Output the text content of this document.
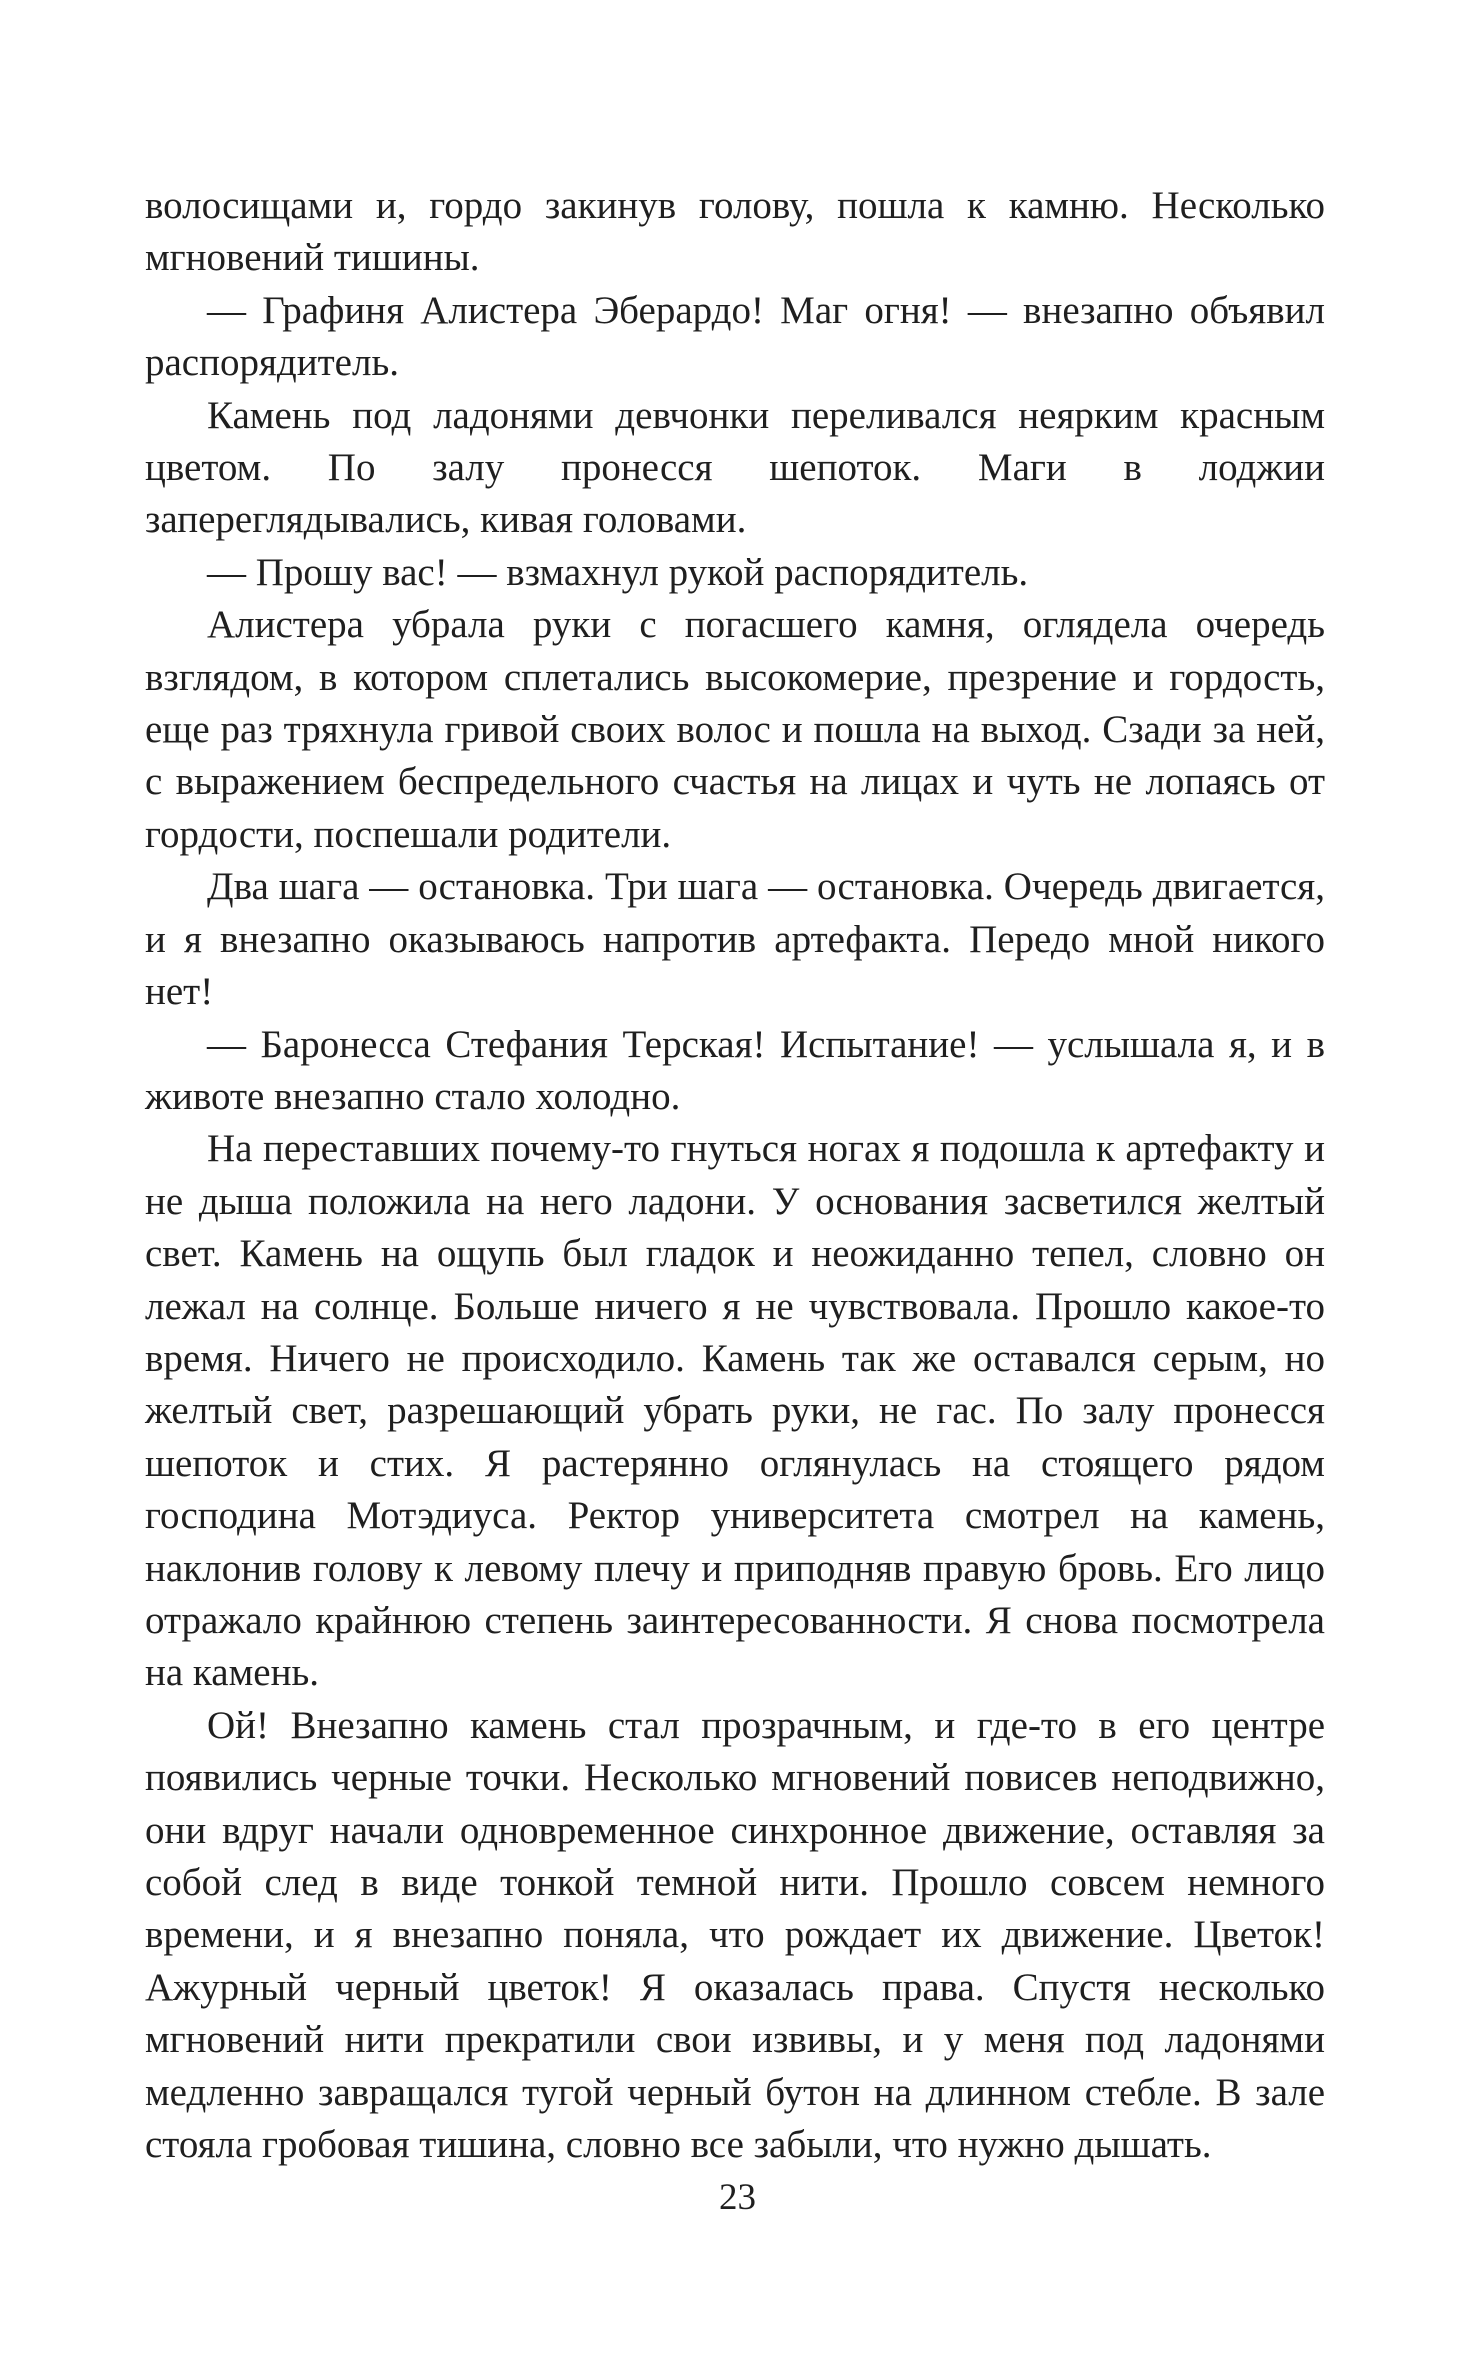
волосищами и, гордо закинув голову, пошла к камню. Несколько мгновений тишины.

— Графиня Алистера Эберардо! Маг огня! — внезапно объявил распорядитель.

Камень под ладонями девчонки переливался неярким красным цветом. По залу пронесся шепоток. Маги в лоджии запереглядывались, кивая головами.

— Прошу вас! — взмахнул рукой распорядитель.

Алистера убрала руки с погасшего камня, оглядела очередь взглядом, в котором сплетались высокомерие, презрение и гордость, еще раз тряхнула гривой своих волос и пошла на выход. Сзади за ней, с выражением беспредельного счастья на лицах и чуть не лопаясь от гордости, поспешали родители.

Два шага — остановка. Три шага — остановка. Очередь двигается, и я внезапно оказываюсь напротив артефакта. Передо мной никого нет!

— Баронесса Стефания Терская! Испытание! — услышала я, и в животе внезапно стало холодно.

На переставших почему-то гнуться ногах я подошла к артефакту и не дыша положила на него ладони. У основания засветился желтый свет. Камень на ощупь был гладок и неожиданно тепел, словно он лежал на солнце. Больше ничего я не чувствовала. Прошло какое-то время. Ничего не происходило. Камень так же оставался серым, но желтый свет, разрешающий убрать руки, не гас. По залу пронесся шепоток и стих. Я растерянно оглянулась на стоящего рядом господина Мотэдиуса. Ректор университета смотрел на камень, наклонив голову к левому плечу и приподняв правую бровь. Его лицо отражало крайнюю степень заинтересованности. Я снова посмотрела на камень.

Ой! Внезапно камень стал прозрачным, и где-то в его центре появились черные точки. Несколько мгновений повисев неподвижно, они вдруг начали одновременное синхронное движение, оставляя за собой след в виде тонкой темной нити. Прошло совсем немного времени, и я внезапно поняла, что рождает их движение. Цветок! Ажурный черный цветок! Я оказалась права. Спустя несколько мгновений нити прекратили свои извивы, и у меня под ладонями медленно завращался тугой черный бутон на длинном стебле. В зале стояла гробовая тишина, словно все забыли, что нужно дышать.

23
